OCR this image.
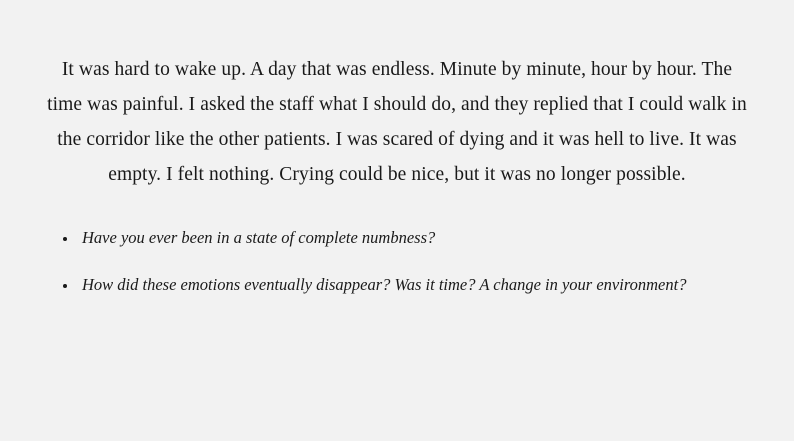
It was hard to wake up. A day that was endless. Minute by minute, hour by hour. The time was painful. I asked the staff what I should do, and they replied that I could walk in the corridor like the other patients. I was scared of dying and it was hell to live. It was empty. I felt nothing. Crying could be nice, but it was no longer possible.

• Have you ever been in a state of complete numbness?
• How did these emotions eventually disappear? Was it time? A change in your environment?
